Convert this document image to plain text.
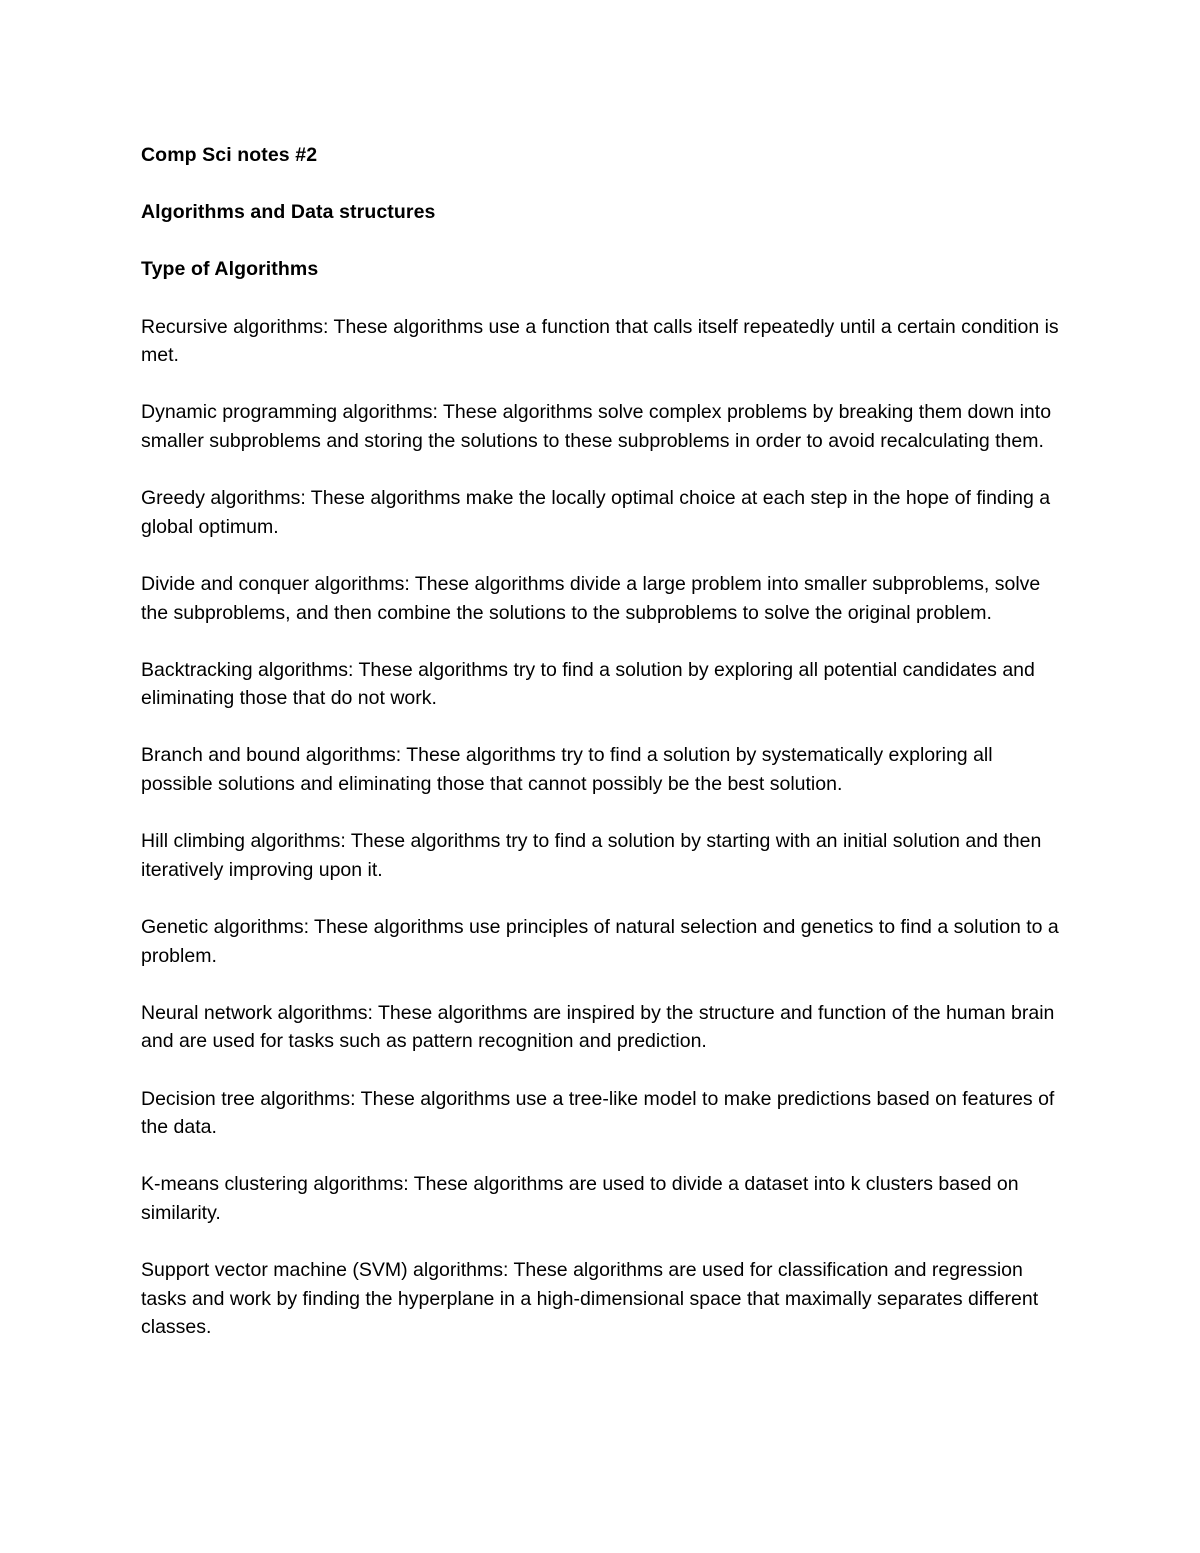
Comp Sci notes #2

Algorithms and Data structures

Type of Algorithms

Recursive algorithms: These algorithms use a function that calls itself repeatedly until a certain condition is met.

Dynamic programming algorithms: These algorithms solve complex problems by breaking them down into smaller subproblems and storing the solutions to these subproblems in order to avoid recalculating them.

Greedy algorithms: These algorithms make the locally optimal choice at each step in the hope of finding a global optimum.

Divide and conquer algorithms: These algorithms divide a large problem into smaller subproblems, solve the subproblems, and then combine the solutions to the subproblems to solve the original problem.

Backtracking algorithms: These algorithms try to find a solution by exploring all potential candidates and eliminating those that do not work.

Branch and bound algorithms: These algorithms try to find a solution by systematically exploring all possible solutions and eliminating those that cannot possibly be the best solution.

Hill climbing algorithms: These algorithms try to find a solution by starting with an initial solution and then iteratively improving upon it.

Genetic algorithms: These algorithms use principles of natural selection and genetics to find a solution to a problem.

Neural network algorithms: These algorithms are inspired by the structure and function of the human brain and are used for tasks such as pattern recognition and prediction.

Decision tree algorithms: These algorithms use a tree-like model to make predictions based on features of the data.

K-means clustering algorithms: These algorithms are used to divide a dataset into k clusters based on similarity.

Support vector machine (SVM) algorithms: These algorithms are used for classification and regression tasks and work by finding the hyperplane in a high-dimensional space that maximally separates different classes.
